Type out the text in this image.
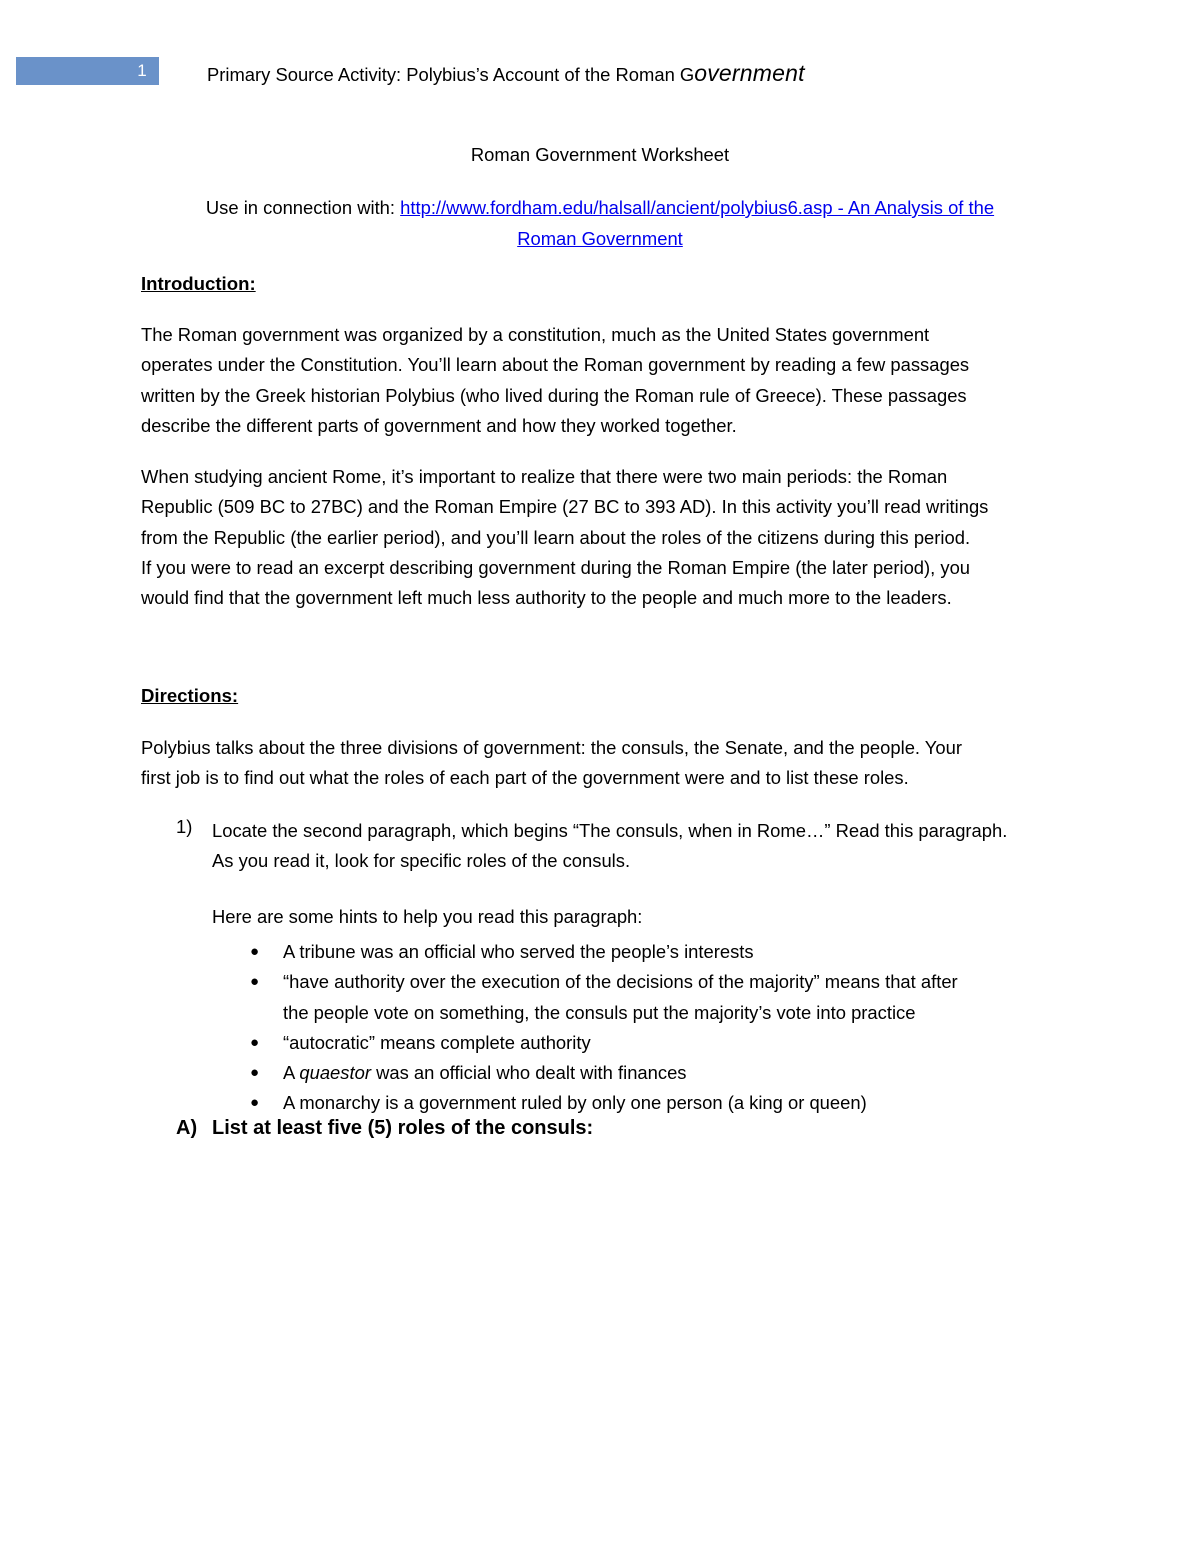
1	Primary Source Activity: Polybius’s Account of the Roman Government
Roman Government Worksheet
Use in connection with: http://www.fordham.edu/halsall/ancient/polybius6.asp - An Analysis of the
Roman Government
Introduction:
The Roman government was organized by a constitution, much as the United States government
operates under the Constitution. You’ll learn about the Roman government by reading a few passages
written by the Greek historian Polybius (who lived during the Roman rule of Greece). These passages
describe the different parts of government and how they worked together.
When studying ancient Rome, it’s important to realize that there were two main periods: the Roman
Republic (509 BC to 27BC) and the Roman Empire (27 BC to 393 AD). In this activity you’ll read writings
from the Republic (the earlier period), and you’ll learn about the roles of the citizens during this period.
If you were to read an excerpt describing government during the Roman Empire (the later period), you
would find that the government left much less authority to the people and much more to the leaders.
Directions:
Polybius talks about the three divisions of government: the consuls, the Senate, and the people. Your
first job is to find out what the roles of each part of the government were and to list these roles.
1) Locate the second paragraph, which begins “The consuls, when in Rome…” Read this paragraph.
As you read it, look for specific roles of the consuls.
Here are some hints to help you read this paragraph:
● A tribune was an official who served the people’s interests
● “have authority over the execution of the decisions of the majority” means that after
the people vote on something, the consuls put the majority’s vote into practice
● “autocratic” means complete authority
● A quaestor was an official who dealt with finances
● A monarchy is a government ruled by only one person (a king or queen)
A) List at least five (5) roles of the consuls:
